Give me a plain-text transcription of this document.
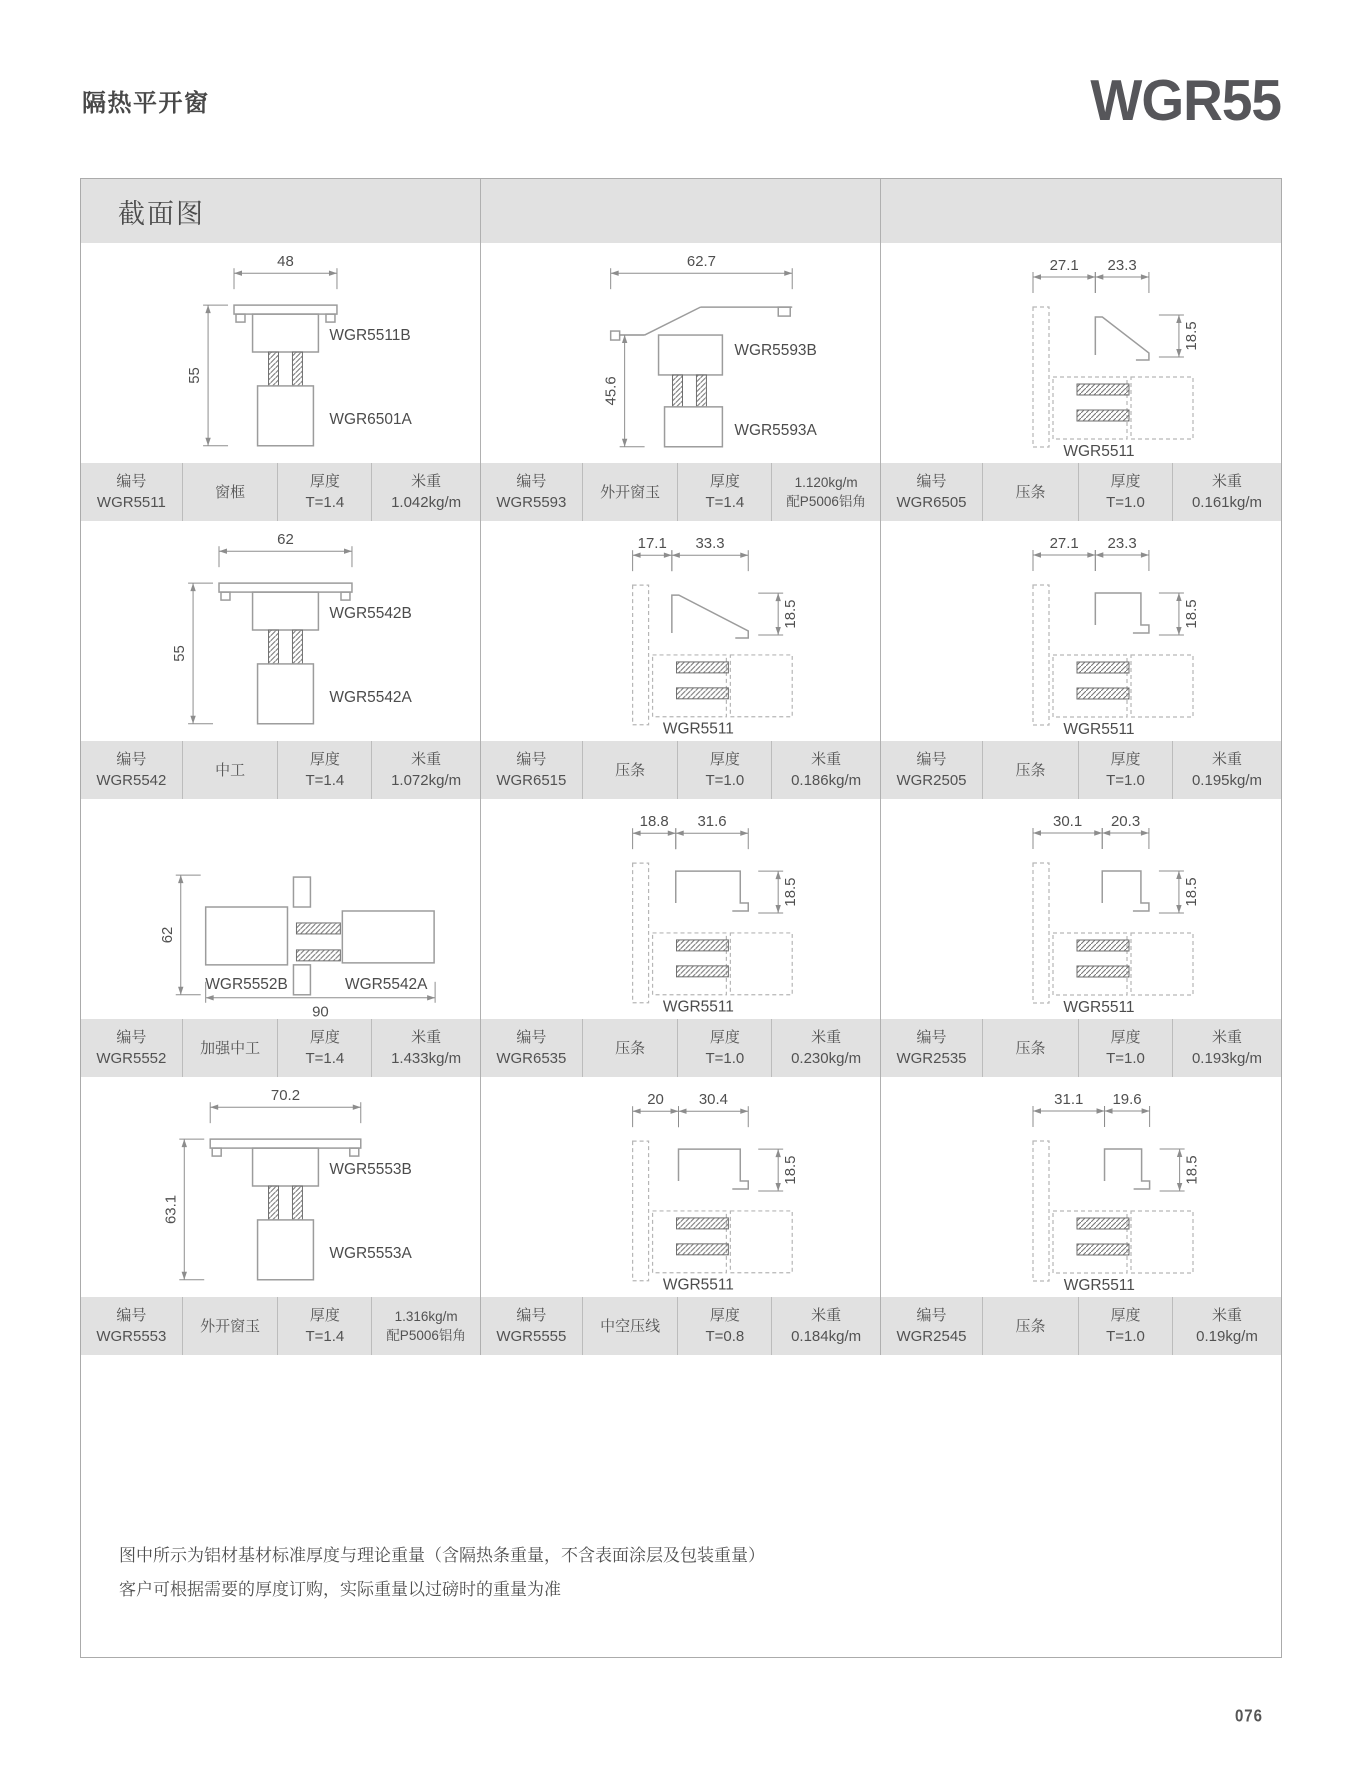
隔热平开窗	WGR55
截面图
48
55
WGR5511B
WGR6501A
62.7
45.6
WGR5593B
WGR5593A
27.1 23.3
18.5
WGR5511
编号
WGR5511
窗框
厚度
T=1.4
米重
1.042kg/m
编号
WGR5593
外开窗玉
厚度
T=1.4
1.120kg/m
配P5006铝角
编号
WGR6505
压条
厚度
T=1.0
米重
0.161kg/m
62
55
WGR5542B
WGR5542A
17.1 33.3
18.5
WGR5511
27.1 23.3
18.5
WGR5511
编号
WGR5542
中工
厚度
T=1.4
米重
1.072kg/m
编号
WGR6515
压条
厚度
T=1.0
米重
0.186kg/m
编号
WGR2505
压条
厚度
T=1.0
米重
0.195kg/m
62
90
WGR5552B	WGR5542A
18.8 31.6
18.5
WGR5511
30.1 20.3
18.5
WGR5511
编号
WGR5552
加强中工
厚度
T=1.4
米重
1.433kg/m
编号
WGR6535
压条
厚度
T=1.0
米重
0.230kg/m
编号
WGR2535
压条
厚度
T=1.0
米重
0.193kg/m
70.2
63.1
WGR5553B
WGR5553A
20 30.4
18.5
WGR5511
31.1 19.6
18.5
WGR5511
编号
WGR5553
外开窗玉
厚度
T=1.4
1.316kg/m
配P5006铝角
编号
WGR5555
中空压线
厚度
T=0.8
米重
0.184kg/m
编号
WGR2545
压条
厚度
T=1.0
米重
0.19kg/m
图中所示为铝材基材标准厚度与理论重量（含隔热条重量，不含表面涂层及包装重量）
客户可根据需要的厚度订购，实际重量以过磅时的重量为准
076
